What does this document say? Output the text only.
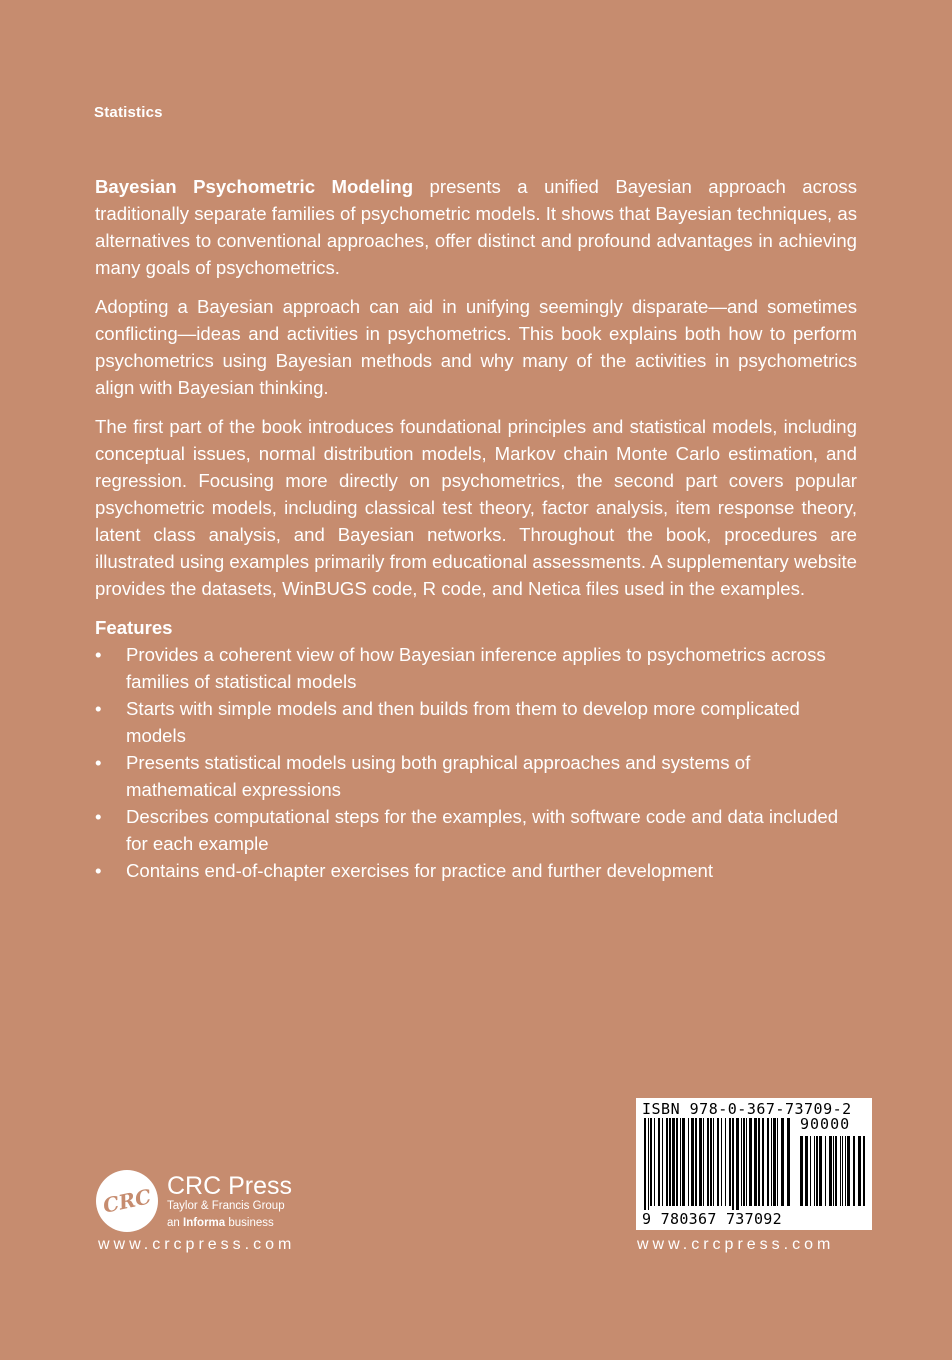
Statistics

Bayesian Psychometric Modeling presents a unified Bayesian approach across traditionally separate families of psychometric models. It shows that Bayesian techniques, as alternatives to conventional approaches, offer distinct and profound advantages in achieving many goals of psychometrics.

Adopting a Bayesian approach can aid in unifying seemingly disparate—and sometimes conflicting—ideas and activities in psychometrics. This book explains both how to perform psychometrics using Bayesian methods and why many of the activities in psychometrics align with Bayesian thinking.

The first part of the book introduces foundational principles and statistical models, including conceptual issues, normal distribution models, Markov chain Monte Carlo estimation, and regression. Focusing more directly on psychometrics, the second part covers popular psychometric models, including classical test theory, factor analysis, item response theory, latent class analysis, and Bayesian networks. Throughout the book, procedures are illustrated using examples primarily from educational assessments. A supplementary website provides the datasets, WinBUGS code, R code, and Netica files used in the examples.

Features
• Provides a coherent view of how Bayesian inference applies to psychometrics across families of statistical models
• Starts with simple models and then builds from them to develop more complicated models
• Presents statistical models using both graphical approaches and systems of mathematical expressions
• Describes computational steps for the examples, with software code and data included for each example
• Contains end-of-chapter exercises for practice and further development
CRC CRC Press
Taylor & Francis Group
an Informa business
www.crcpress.com
ISBN 978-0-367-73709-2
90000
9 780367 737092
www.crcpress.com
